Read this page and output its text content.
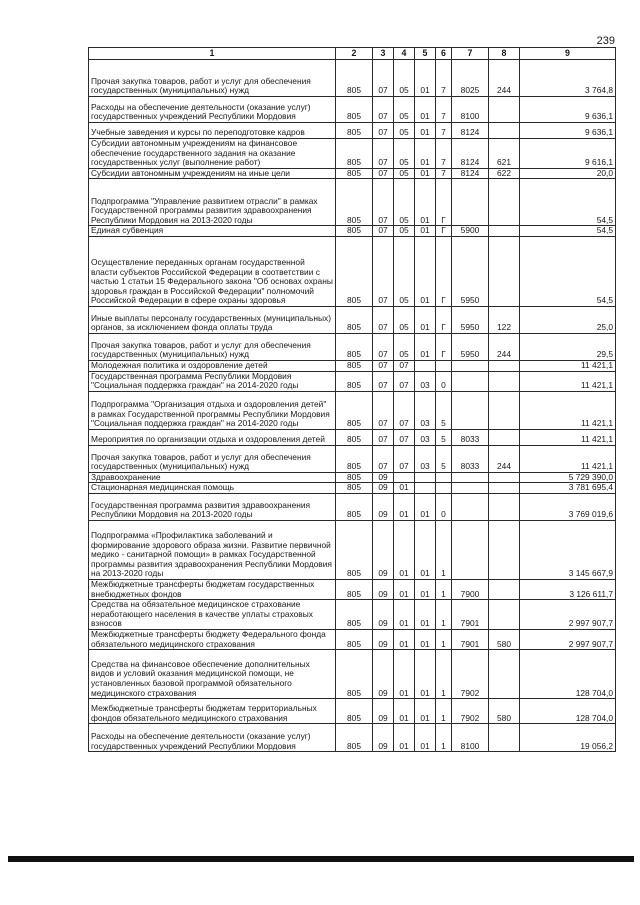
239
1	2	3	4	5	6	7	8	9
Прочая закупка товаров, работ и услуг для обеспечения государственных (муниципальных) нужд	805	07	05	01	7	8025	244	3 764,8
Расходы на обеспечение деятельности (оказание услуг) государственных учреждений Республики Мордовия	805	07	05	01	7	8100		9 636,1
Учебные заведения и курсы по переподготовке кадров	805	07	05	01	7	8124		9 636,1
Субсидии автономным учреждениям на финансовое обеспечение государственного задания на оказание государственных услуг (выполнение работ)	805	07	05	01	7	8124	621	9 616,1
Субсидии автономным учреждениям на иные цели	805	07	05	01	7	8124	622	20,0
Подпрограмма "Управление развитием отрасли" в рамках Государственной программы развития здравоохранения Республики Мордовия на 2013-2020 годы	805	07	05	01	Г			54,5
Единая субвенция	805	07	05	01	Г	5900		54,5
Осуществление переданных органам государственной власти субъектов Российской Федерации в соответствии с частью 1 статьи 15 Федерального закона "Об основах охраны здоровья граждан в Российской Федерации" полномочий Российской Федерации в сфере охраны здоровья	805	07	05	01	Г	5950		54,5
Иные выплаты персоналу государственных (муниципальных) органов, за исключением фонда оплаты труда	805	07	05	01	Г	5950	122	25,0
Прочая закупка товаров, работ и услуг для обеспечения государственных (муниципальных) нужд	805	07	05	01	Г	5950	244	29,5
Молодежная политика и оздоровление детей	805	07	07					11 421,1
Государственная программа Республики Мордовия "Социальная поддержка граждан" на 2014-2020 годы	805	07	07	03	0			11 421,1
Подпрограмма "Организация отдыха и оздоровления детей" в рамках Государственной программы Республики Мордовия "Социальная поддержка граждан" на 2014-2020 годы	805	07	07	03	5			11 421,1
Мероприятия по организации отдыха и оздоровления детей	805	07	07	03	5	8033		11 421,1
Прочая закупка товаров, работ и услуг для обеспечения государственных (муниципальных) нужд	805	07	07	03	5	8033	244	11 421,1
Здравоохранение	805	09						5 729 390,0
Стационарная медицинская помощь	805	09	01					3 781 695,4
Государственная программа развития здравоохранения Республики Мордовия на 2013-2020 годы	805	09	01	01	0			3 769 019,6
Подпрограмма «Профилактика заболеваний и формирование здорового образа жизни. Развитие первичной медико - санитарной помощи» в рамках Государственной программы развития здравоохранения Республики Мордовия на 2013-2020 годы	805	09	01	01	1			3 145 667,9
Межбюджетные трансферты бюджетам государственных внебюджетных фондов	805	09	01	01	1	7900		3 126 611,7
Средства на обязательное медицинское страхование неработающего населения в качестве уплаты страховых взносов	805	09	01	01	1	7901		2 997 907,7
Межбюджетные трансферты бюджету Федерального фонда обязательного медицинского страхования	805	09	01	01	1	7901	580	2 997 907,7
Средства на финансовое обеспечение дополнительных видов и условий оказания медицинской помощи, не установленных базовой программой обязательного медицинского страхования	805	09	01	01	1	7902		128 704,0
Межбюджетные трансферты бюджетам территориальных фондов обязательного медицинского страхования	805	09	01	01	1	7902	580	128 704,0
Расходы на обеспечение деятельности (оказание услуг) государственных учреждений Республики Мордовия	805	09	01	01	1	8100		19 056,2
